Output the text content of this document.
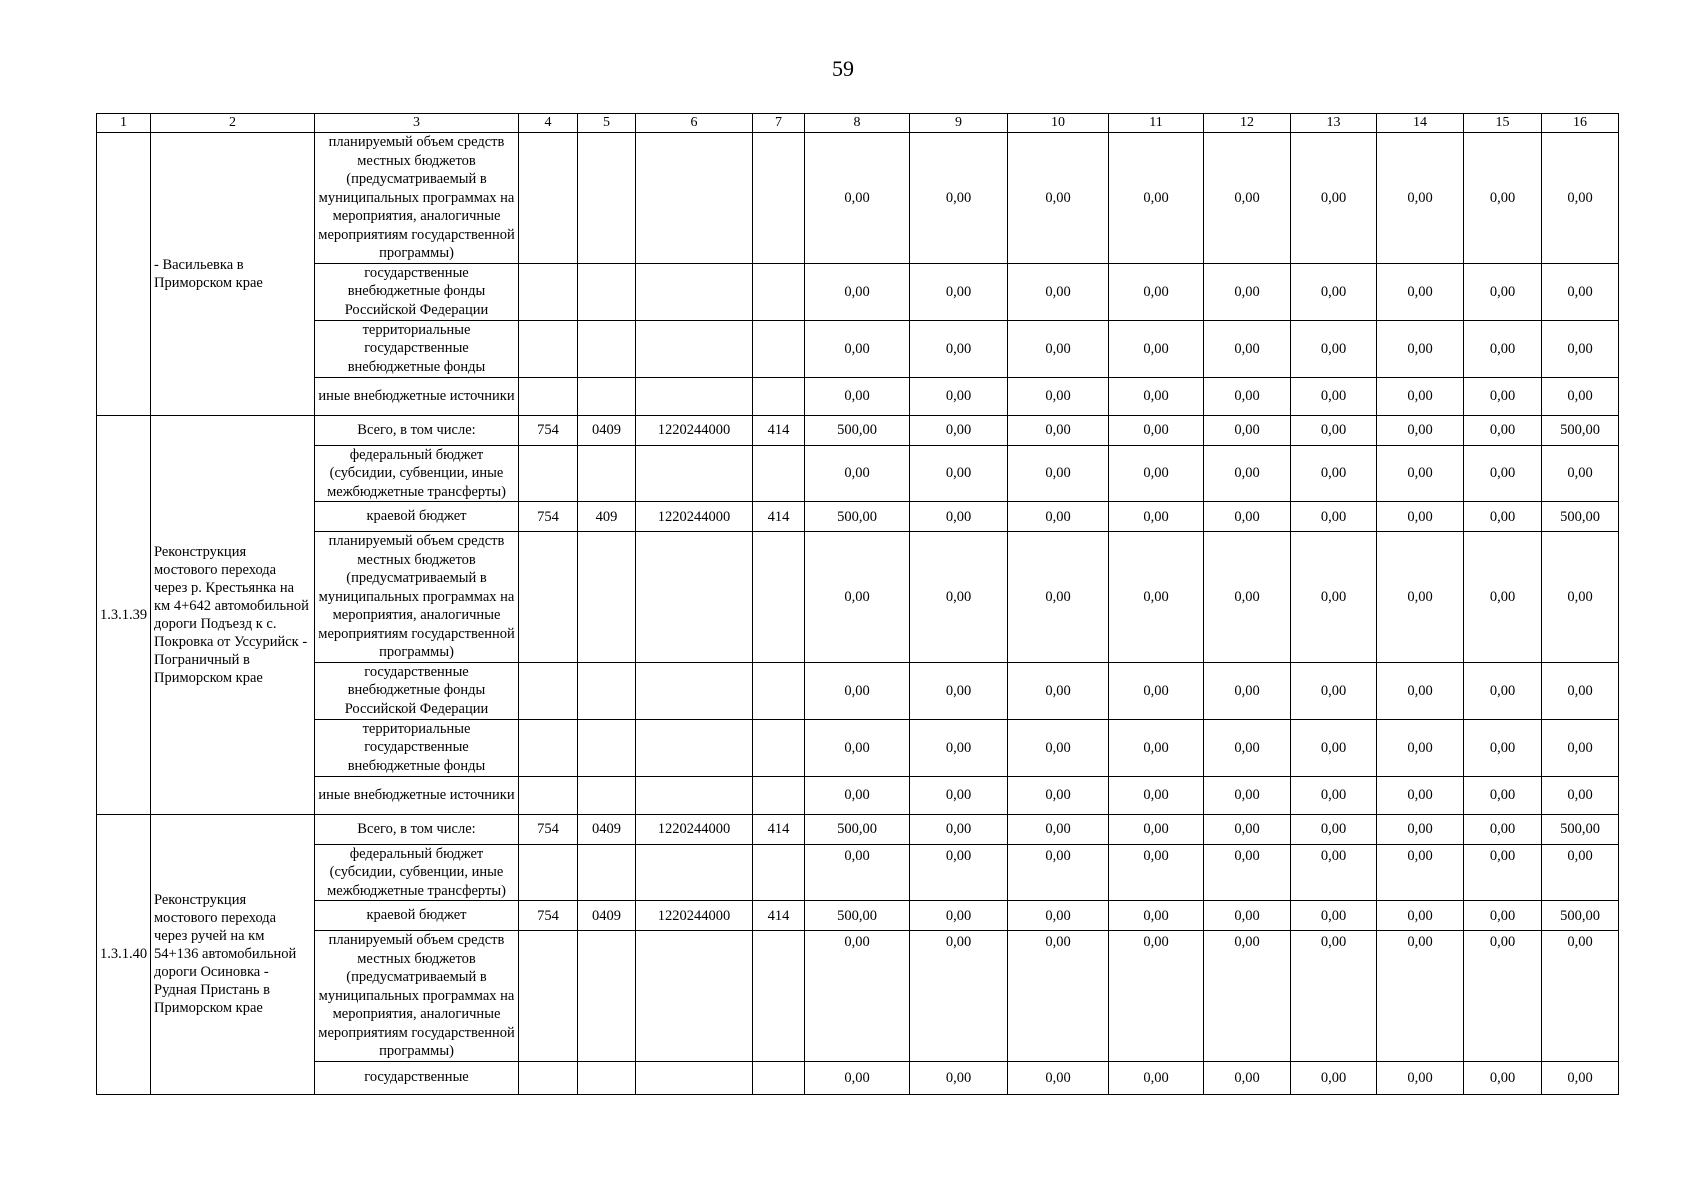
59
1	2	3	4	5	6	7	8	9	10	11	12	13	14	15	16
	- Васильевка в Приморском крае	планируемый объем средств местных бюджетов (предусматриваемый в муниципальных программах на мероприятия, аналогичные мероприятиям государственной программы)					0,00	0,00	0,00	0,00	0,00	0,00	0,00	0,00	0,00
		государственные внебюджетные фонды Российской Федерации					0,00	0,00	0,00	0,00	0,00	0,00	0,00	0,00	0,00
		территориальные государственные внебюджетные фонды					0,00	0,00	0,00	0,00	0,00	0,00	0,00	0,00	0,00
		иные внебюджетные источники					0,00	0,00	0,00	0,00	0,00	0,00	0,00	0,00	0,00
1.3.1.39	Реконструкция мостового перехода через р. Крестьянка на км 4+642 автомобильной дороги Подъезд к с. Покровка от Уссурийск - Пограничный в Приморском крае	Всего, в том числе:	754	0409	1220244000	414	500,00	0,00	0,00	0,00	0,00	0,00	0,00	0,00	500,00
		федеральный бюджет (субсидии, субвенции, иные межбюджетные трансферты)					0,00	0,00	0,00	0,00	0,00	0,00	0,00	0,00	0,00
		краевой бюджет	754	409	1220244000	414	500,00	0,00	0,00	0,00	0,00	0,00	0,00	0,00	500,00
		планируемый объем средств местных бюджетов (предусматриваемый в муниципальных программах на мероприятия, аналогичные мероприятиям государственной программы)					0,00	0,00	0,00	0,00	0,00	0,00	0,00	0,00	0,00
		государственные внебюджетные фонды Российской Федерации					0,00	0,00	0,00	0,00	0,00	0,00	0,00	0,00	0,00
		территориальные государственные внебюджетные фонды					0,00	0,00	0,00	0,00	0,00	0,00	0,00	0,00	0,00
		иные внебюджетные источники					0,00	0,00	0,00	0,00	0,00	0,00	0,00	0,00	0,00
1.3.1.40	Реконструкция мостового перехода через ручей на км 54+136 автомобильной дороги Осиновка - Рудная Пристань в Приморском крае	Всего, в том числе:	754	0409	1220244000	414	500,00	0,00	0,00	0,00	0,00	0,00	0,00	0,00	500,00
		федеральный бюджет (субсидии, субвенции, иные межбюджетные трансферты)					0,00	0,00	0,00	0,00	0,00	0,00	0,00	0,00	0,00
		краевой бюджет	754	0409	1220244000	414	500,00	0,00	0,00	0,00	0,00	0,00	0,00	0,00	500,00
		планируемый объем средств местных бюджетов (предусматриваемый в муниципальных программах на мероприятия, аналогичные мероприятиям государственной программы)					0,00	0,00	0,00	0,00	0,00	0,00	0,00	0,00	0,00
		государственные					0,00	0,00	0,00	0,00	0,00	0,00	0,00	0,00	0,00
